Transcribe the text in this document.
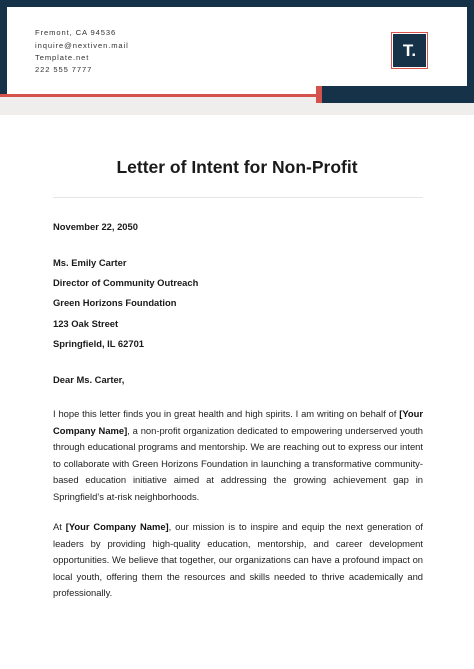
Fremont, CA 94536
inquire@nextiven.mail
Template.net
222 555 7777
T.
Letter of Intent for Non-Profit
November 22, 2050
Ms. Emily Carter
Director of Community Outreach
Green Horizons Foundation
123 Oak Street
Springfield, IL 62701
Dear Ms. Carter,

I hope this letter finds you in great health and high spirits. I am writing on behalf of [Your Company Name], a non-profit organization dedicated to empowering underserved youth through educational programs and mentorship. We are reaching out to express our intent to collaborate with Green Horizons Foundation in launching a transformative community-based education initiative aimed at addressing the growing achievement gap in Springfield’s at-risk neighborhoods.

At [Your Company Name], our mission is to inspire and equip the next generation of leaders by providing high-quality education, mentorship, and career development opportunities. We believe that together, our organizations can have a profound impact on local youth, offering them the resources and skills needed to thrive academically and professionally.
